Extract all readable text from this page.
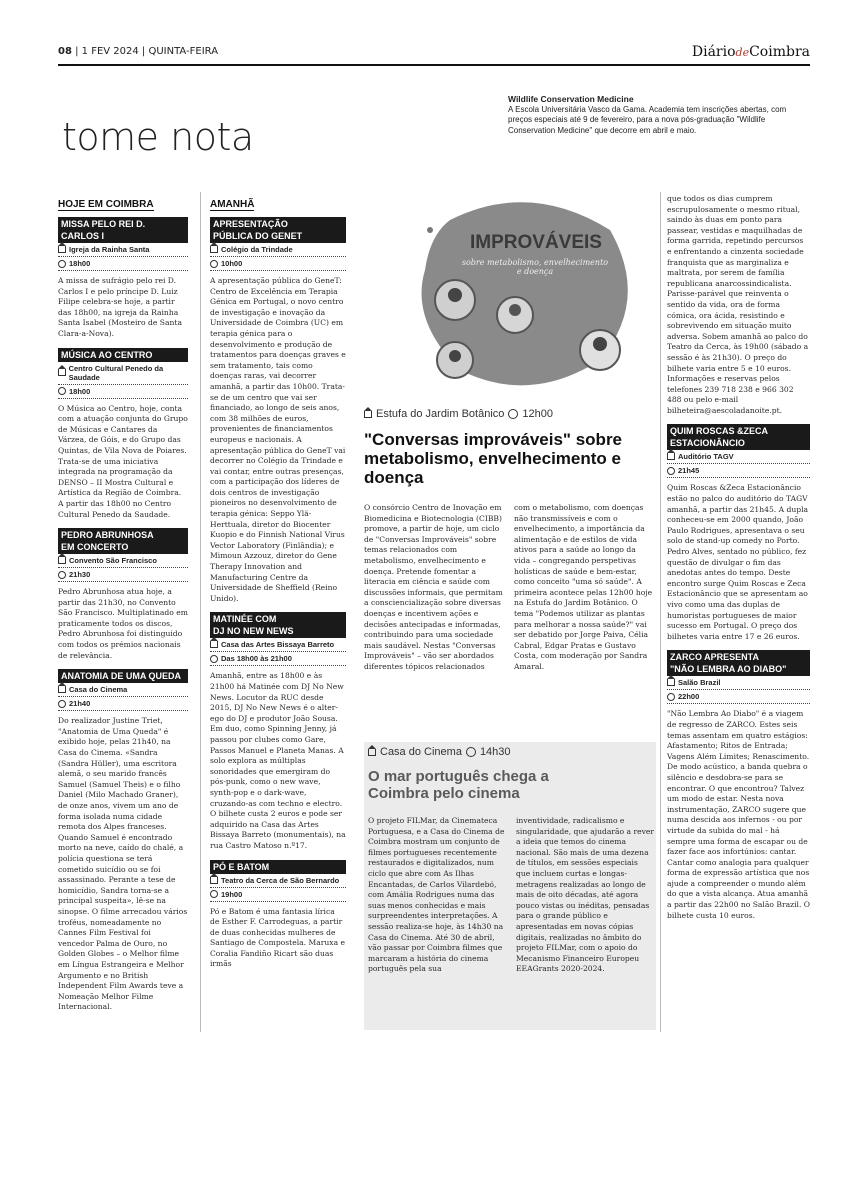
08 | 1 FEV 2024 | QUINTA-FEIRA	DiáriodeCoimbra
tome nota
Wildlife Conservation Medicine
A Escola Universitária Vasco da Gama. Academia tem inscrições abertas, com preços especiais até 9 de fevereiro, para a nova pós-graduação "Wildlife Conservation Medicine" que decorre em abril e maio.
HOJE EM COIMBRA
MISSA PELO REI D. CARLOS I
Igreja da Rainha Santa
18h00
A missa de sufrágio pelo rei D. Carlos I e pelo príncipe D. Luiz Filipe celebra-se hoje, a partir das 18h00, na igreja da Rainha Santa Isabel (Mosteiro de Santa Clara-a-Nova).
MÚSICA AO CENTRO
Centro Cultural Penedo da Saudade
18h00
O Música ao Centro, hoje, conta com a atuação conjunta do Grupo de Músicas e Cantares da Várzea, de Góis, e do Grupo das Quintas, de Vila Nova de Poiares. Trata-se de uma iniciativa integrada na programação da DENSO – II Mostra Cultural e Artística da Região de Coimbra. A partir das 18h00 no Centro Cultural Penedo da Saudade.
PEDRO ABRUNHOSA
EM CONCERTO
Convento São Francisco
21h30
Pedro Abrunhosa atua hoje, a partir das 21h30, no Convento São Francisco. Multiplatinado em praticamente todos os discos, Pedro Abrunhosa foi distinguido com todos os prémios nacionais de relevância.
ANATOMIA DE UMA QUEDA
Casa do Cinema
21h40
Do realizador Justine Triet, "Anatomia de Uma Queda" é exibido hoje, pelas 21h40, na Casa do Cinema. «Sandra (Sandra Hüller), uma escritora alemã, o seu marido francês Samuel (Samuel Theis) e o filho Daniel (Milo Machado Graner), de onze anos, vivem um ano de forma isolada numa cidade remota dos Alpes franceses. Quando Samuel é encontrado morto na neve, caído do chalé, a polícia questiona se terá cometido suicídio ou se foi assassinado. Perante a tese de homicídio, Sandra torna-se a principal suspeita», lê-se na sinopse. O filme arrecadou vários troféus, nomeadamente no Cannes Film Festival foi vencedor Palma de Ouro, no Golden Globes – o Melhor filme em Língua Estrangeira e Melhor Argumento e no British Independent Film Awards teve a Nomeação Melhor Filme Internacional.
AMANHÃ
APRESENTAÇÃO
PÚBLICA DO GENET
Colégio da Trindade
10h00
A apresentação pública do GeneT: Centro de Excelência em Terapia Génica em Portugal, o novo centro de investigação e inovação da Universidade de Coimbra (UC) em terapia génica para o desenvolvimento e produção de tratamentos para doenças graves e sem tratamento, tais como doenças raras, vai decorrer amanhã, a partir das 10h00. Trata-se de um centro que vai ser financiado, ao longo de seis anos, com 38 milhões de euros, provenientes de financiamentos europeus e nacionais. A apresentação pública do GeneT vai decorrer no Colégio da Trindade e vai contar, entre outras presenças, com a participação dos líderes de dois centros de investigação pioneiros no desenvolvimento de terapia génica: Seppo Ylä-Herttuala, diretor do Biocenter Kuopio e do Finnish National Virus Vector Laboratory (Finlândia); e Mimoun Azzouz, diretor do Gene Therapy Innovation and Manufacturing Centre da Universidade de Sheffield (Reino Unido).
MATINÉE COM
DJ NO NEW NEWS
Casa das Artes Bissaya Barreto
Das 18h00 às 21h00
Amanhã, entre as 18h00 e às 21h00 há Matinée com DJ No New News. Locutor da RUC desde 2015, DJ No New News é o alter-ego do DJ e produtor João Sousa. Em duo, como Spinning Jenny, já passou por clubes como Gare, Passos Manuel e Planeta Manas. A solo explora as múltiplas sonoridades que emergiram do pós-punk, como o new wave, synth-pop e o dark-wave, cruzando-as com techno e electro. O bilhete custa 2 euros e pode ser adquirido na Casa das Artes Bissaya Barreto (monumentais), na rua Castro Matoso n.º17.
PÓ E BATOM
Teatro da Cerca de São Bernardo
19h00
Pó e Batom é uma fantasia lírica de Esther F. Carrodeguas, a partir de duas conhecidas mulheres de Santiago de Compostela. Maruxa e Coralia Fandiño Ricart são duas irmãs
IMPROVÁVEIS
sobre metabolismo, envelhecimento e doença
Estufa do Jardim Botânico 12h00
"Conversas improváveis" sobre metabolismo, envelhecimento e doença
O consórcio Centro de Inovação em Biomedicina e Biotecnologia (CIBB) promove, a partir de hoje, um ciclo de "Conversas Improváveis" sobre temas relacionados com metabolismo, envelhecimento e doença. Pretende fomentar a literacia em ciência e saúde com discussões informais, que permitam a consciencialização sobre diversas doenças e incentivem ações e decisões antecipadas e informadas, contribuindo para uma sociedade mais saudável. Nestas "Conversas Improváveis" – vão ser abordados diferentes tópicos relacionados
com o metabolismo, com doenças não transmissíveis e com o envelhecimento, a importância da alimentação e de estilos de vida ativos para a saúde ao longo da vida – congregando perspetivas holísticas de saúde e bem-estar, como conceito "uma só saúde". A primeira acontece pelas 12h00 hoje na Estufa do Jardim Botânico. O tema "Podemos utilizar as plantas para melhorar a nossa saúde?" vai ser debatido por Jorge Paiva, Célia Cabral, Edgar Pratas e Gustavo Costa, com moderação por Sandra Amaral.
Casa do Cinema 14h30
O mar português chega a Coimbra pelo cinema
O projeto FILMar, da Cinemateca Portuguesa, e a Casa do Cinema de Coimbra mostram um conjunto de filmes portugueses recentemente restaurados e digitalizados, num ciclo que abre com As Ilhas Encantadas, de Carlos Vilardebó, com Amália Rodrigues numa das suas menos conhecidas e mais surpreendentes interpretações. A sessão realiza-se hoje, às 14h30 na Casa do Cinema. Até 30 de abril, vão passar por Coimbra filmes que marcaram a história do cinema português pela sua
inventividade, radicalismo e singularidade, que ajudarão a rever a ideia que temos do cinema nacional. São mais de uma dezena de títulos, em sessões especiais que incluem curtas e longas-metragens realizadas ao longo de mais de oito décadas, até agora pouco vistas ou inéditas, pensadas para o grande público e apresentadas em novas cópias digitais, realizadas no âmbito do projeto FILMar, com o apoio do Mecanismo Financeiro Europeu EEAGrants 2020-2024.
que todos os dias cumprem escrupulosamente o mesmo ritual, saindo às duas em ponto para passear, vestidas e maquilhadas de forma garrida, repetindo percursos e enfrentando a cinzenta sociedade franquista que as marginaliza e maltrata, por serem de família republicana anarcossindicalista. Parisse-parável que reinventa o sentido da vida, ora de forma cómica, ora ácida, resistindo e sobrevivendo em situação muito adversa. Sobem amanhã ao palco do Teatro da Cerca, às 19h00 (sábado a sessão é às 21h30). O preço do bilhete varia entre 5 e 10 euros. Informações e reservas pelos telefones 239 718 238 e 966 302 488 ou pelo e-mail bilheteira@aescoladanoite.pt.
QUIM ROSCAS &ZECA
ESTACIONÂNCIO
Auditório TAGV
21h45
Quim Roscas &Zeca Estacionâncio estão no palco do auditório do TAGV amanhã, a partir das 21h45. A dupla conheceu-se em 2000 quando, João Paulo Rodrigues, apresentava o seu solo de stand-up comedy no Porto. Pedro Alves, sentado no público, fez questão de divulgar o fim das anedotas antes do tempo. Deste encontro surge Quim Roscas e Zeca Estacionâncio que se apresentam ao vivo como uma das duplas de humoristas portugueses de maior sucesso em Portugal. O preço dos bilhetes varia entre 17 e 26 euros.
ZARCO APRESENTA
"NÃO LEMBRA AO DIABO"
Salão Brazil
22h00
"Não Lembra Ao Diabo" é a viagem de regresso de ZARCO. Estes seis temas assentam em quatro estágios: Afastamento; Ritos de Entrada; Vagens Além Limites; Renascimento. De modo acústico, a banda quebra o silêncio e desdobra-se para se encontrar. O que encontrou? Talvez um modo de estar. Nesta nova instrumentação, ZARCO sugere que numa descida aos infernos - ou por virtude da subida do mal - há sempre uma forma de escapar ou de fazer face aos infortúnios: cantar. Cantar como analogia para qualquer forma de expressão artística que nos ajude a compreender o mundo além do que a vista alcança. Atua amanhã a partir das 22h00 no Salão Brazil. O bilhete custa 10 euros.
